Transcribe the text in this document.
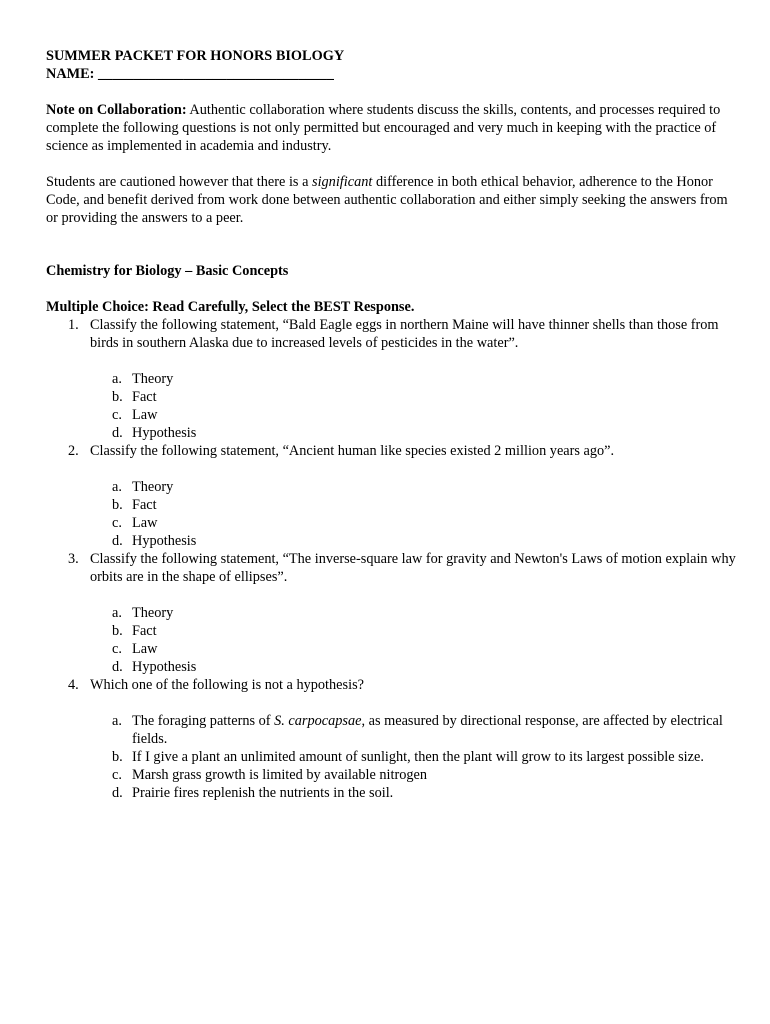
SUMMER PACKET FOR HONORS BIOLOGY
NAME: _________________________________

Note on Collaboration: Authentic collaboration where students discuss the skills, contents, and processes required to complete the following questions is not only permitted but encouraged and very much in keeping with the practice of science as implemented in academia and industry.

Students are cautioned however that there is a significant difference in both ethical behavior, adherence to the Honor Code, and benefit derived from work done between authentic collaboration and either simply seeking the answers from or providing the answers to a peer.

Chemistry for Biology – Basic Concepts

Multiple Choice: Read Carefully, Select the BEST Response.

1. Classify the following statement, “Bald Eagle eggs in northern Maine will have thinner shells than those from birds in southern Alaska due to increased levels of pesticides in the water”.
a. Theory
b. Fact
c. Law
d. Hypothesis
2. Classify the following statement, “Ancient human like species existed 2 million years ago”.
a. Theory
b. Fact
c. Law
d. Hypothesis
3. Classify the following statement, “The inverse-square law for gravity and Newton's Laws of motion explain why orbits are in the shape of ellipses”.
a. Theory
b. Fact
c. Law
d. Hypothesis
4. Which one of the following is not a hypothesis?
a. The foraging patterns of S. carpocapsae, as measured by directional response, are affected by electrical fields.
b. If I give a plant an unlimited amount of sunlight, then the plant will grow to its largest possible size.
c. Marsh grass growth is limited by available nitrogen
d. Prairie fires replenish the nutrients in the soil.
